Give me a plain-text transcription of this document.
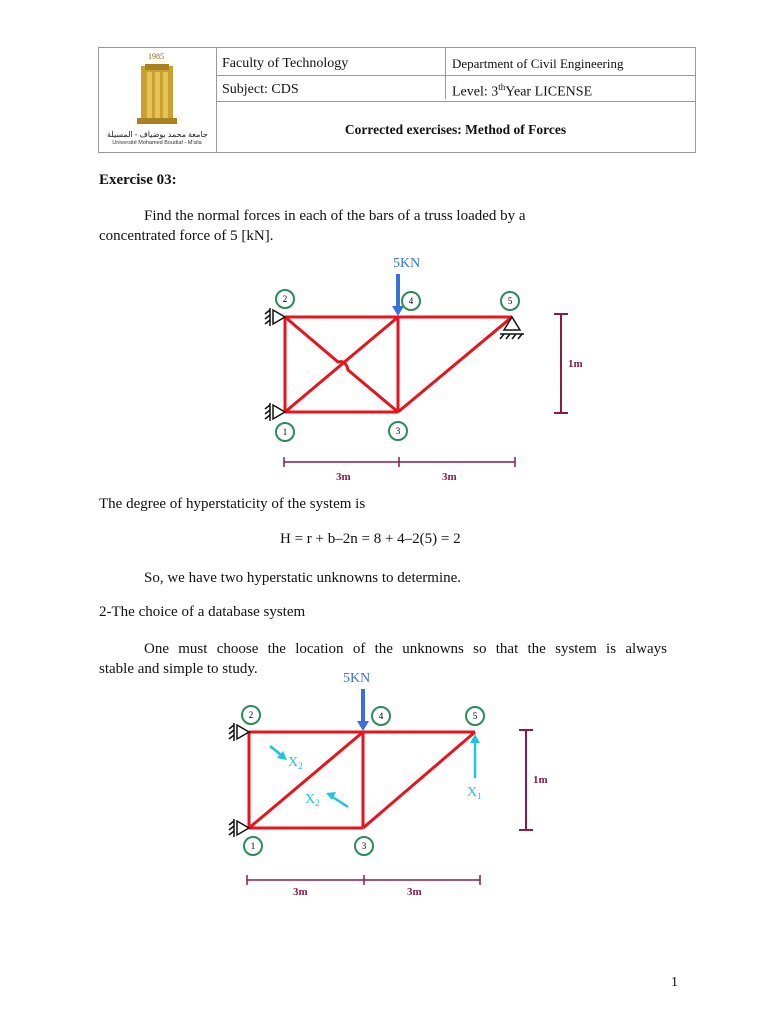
1985
جامعة محمد بوضياف - المسيلة
Université Mohamed Boudiaf - M'sila
Faculty of Technology	Department of Civil Engineering
Subject: CDS	Level: 3thYear LICENSE
Corrected exercises: Method of Forces
Exercise 03:
Find the normal forces in each of the bars of a truss loaded by a
concentrated force of 5 [kN].
5KN
1
2
3
4	5
1m
3m	3m
The degree of hyperstaticity of the system is
H = r + b–2n = 8 + 4–2(5) = 2
So, we have two hyperstatic unknowns to determine.
2-The choice of a database system
One must choose the location of the unknowns so that the system is always
stable and simple to study.
5KN
$X_2$
$X_2$
$X_1$
1
2
3
4	5
1m
3m	3m
1
